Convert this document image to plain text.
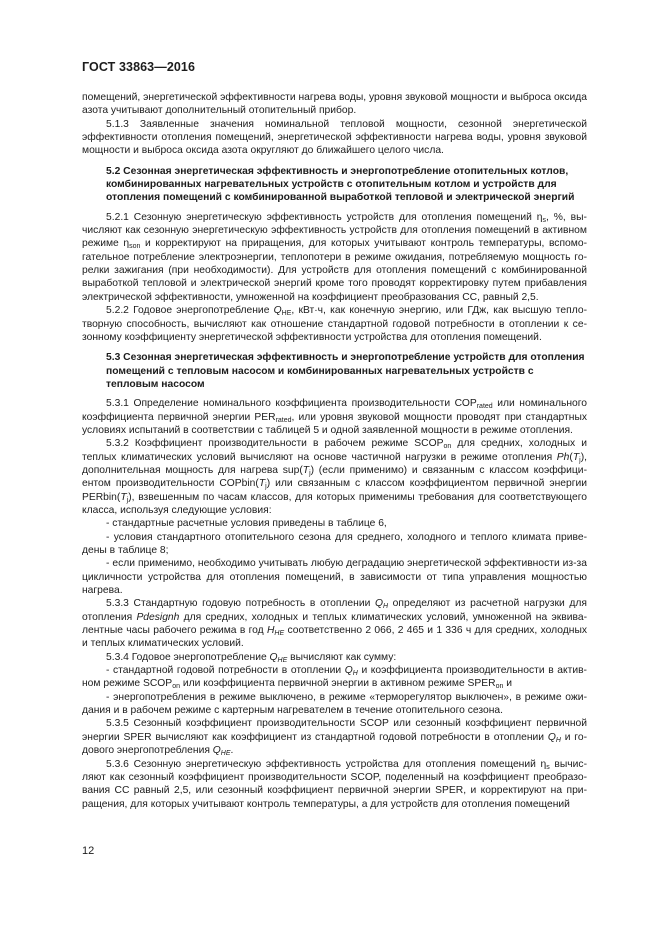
ГОСТ 33863—2016

помещений, энергетической эффективности нагрева воды, уровня звуковой мощности и выброса оксида азота учитывают дополнительный отопительный прибор.

5.1.3 Заявленные значения номинальной тепловой мощности, сезонной энергетической эффективности отопления помещений, энергетической эффективности нагрева воды, уровня звуковой мощности и выброса оксида азота округляют до ближайшего целого числа.

5.2 Сезонная энергетическая эффективность и энергопотребление отопительных котлов, комбинированных нагревательных устройств с отопительным котлом и устройств для отопления помещений с комбинированной выработкой тепловой и электрической энергий

5.2.1 Сезонную энергетическую эффективность устройств для отопления помещений $\eta_s$, %, вычисляют как сезонную энергетическую эффективность устройств для отопления помещений в активном режиме $\eta_{son}$ и корректируют на приращения, для которых учитывают контроль температуры, вспомогательное потребление электроэнергии, теплопотери в режиме ожидания, потребляемую мощность горелки зажигания (при необходимости). Для устройств для отопления помещений с комбинированной выработкой тепловой и электрической энергий кроме того проводят корректировку путем прибавления электрической эффективности, умноженной на коэффициент преобразования СС, равный 2,5.

5.2.2 Годовое энергопотребление $Q_{HE}$, кВт·ч, как конечную энергию, или ГДж, как высшую теплотворную способность, вычисляют как отношение стандартной годовой потребности в отоплении к сезонному коэффициенту энергетической эффективности устройства для отопления помещений.

5.3 Сезонная энергетическая эффективность и энергопотребление устройств для отопления помещений с тепловым насосом и комбинированных нагревательных устройств с тепловым насосом

5.3.1 Определение номинального коэффициента производительности $СОР_{rated}$ или номинального коэффициента первичной энергии $PER_{rated}$, или уровня звуковой мощности проводят при стандартных условиях испытаний в соответствии с таблицей 5 и одной заявленной мощности в режиме отопления.

5.3.2 Коэффициент производительности в рабочем режиме $SCOP_{on}$ для средних, холодных и теплых климатических условий вычисляют на основе частичной нагрузки в режиме отопления $Ph(T_j)$, дополнительная мощность для нагрева $sup(T_j)$ (если применимо) и связанным с классом коэффициентом производительности $COPbin(T_j)$ или связанным с классом коэффициентом первичной энергии $PERbin(T_j)$, взвешенным по часам классов, для которых применимы требования для соответствующего класса, используя следующие условия:

- стандартные расчетные условия приведены в таблице 6,

- условия стандартного отопительного сезона для среднего, холодного и теплого климата приведены в таблице 8;

- если применимо, необходимо учитывать любую деградацию энергетической эффективности из-за цикличности устройства для отопления помещений, в зависимости от типа управления мощностью нагрева.

5.3.3 Стандартную годовую потребность в отоплении $Q_H$ определяют из расчетной нагрузки для отопления Pdesignh для средних, холодных и теплых климатических условий, умноженной на эквивалентные часы рабочего режима в год $H_{HE}$ соответственно 2 066, 2 465 и 1 336 ч для средних, холодных и теплых климатических условий.

5.3.4 Годовое энергопотребление $Q_{HE}$ вычисляют как сумму:

- стандартной годовой потребности в отоплении $Q_H$ и коэффициента производительности в активном режиме $SCOP_{on}$ или коэффициента первичной энергии в активном режиме $SPER_{on}$ и

- энергопотребления в режиме выключено, в режиме «терморегулятор выключен», в режиме ожидания и в рабочем режиме с картерным нагревателем в течение отопительного сезона.

5.3.5 Сезонный коэффициент производительности SCOP или сезонный коэффициент первичной энергии SPER вычисляют как коэффициент из стандартной годовой потребности в отоплении $Q_H$ и годового энергопотребления $Q_{HE}$.

5.3.6 Сезонную энергетическую эффективность устройства для отопления помещений $\eta_s$ вычисляют как сезонный коэффициент производительности SCOP, поделенный на коэффициент преобразования CC равный 2,5, или сезонный коэффициент первичной энергии SPER, и корректируют на приращения, для которых учитывают контроль температуры, а для устройств для отопления помещений

12
